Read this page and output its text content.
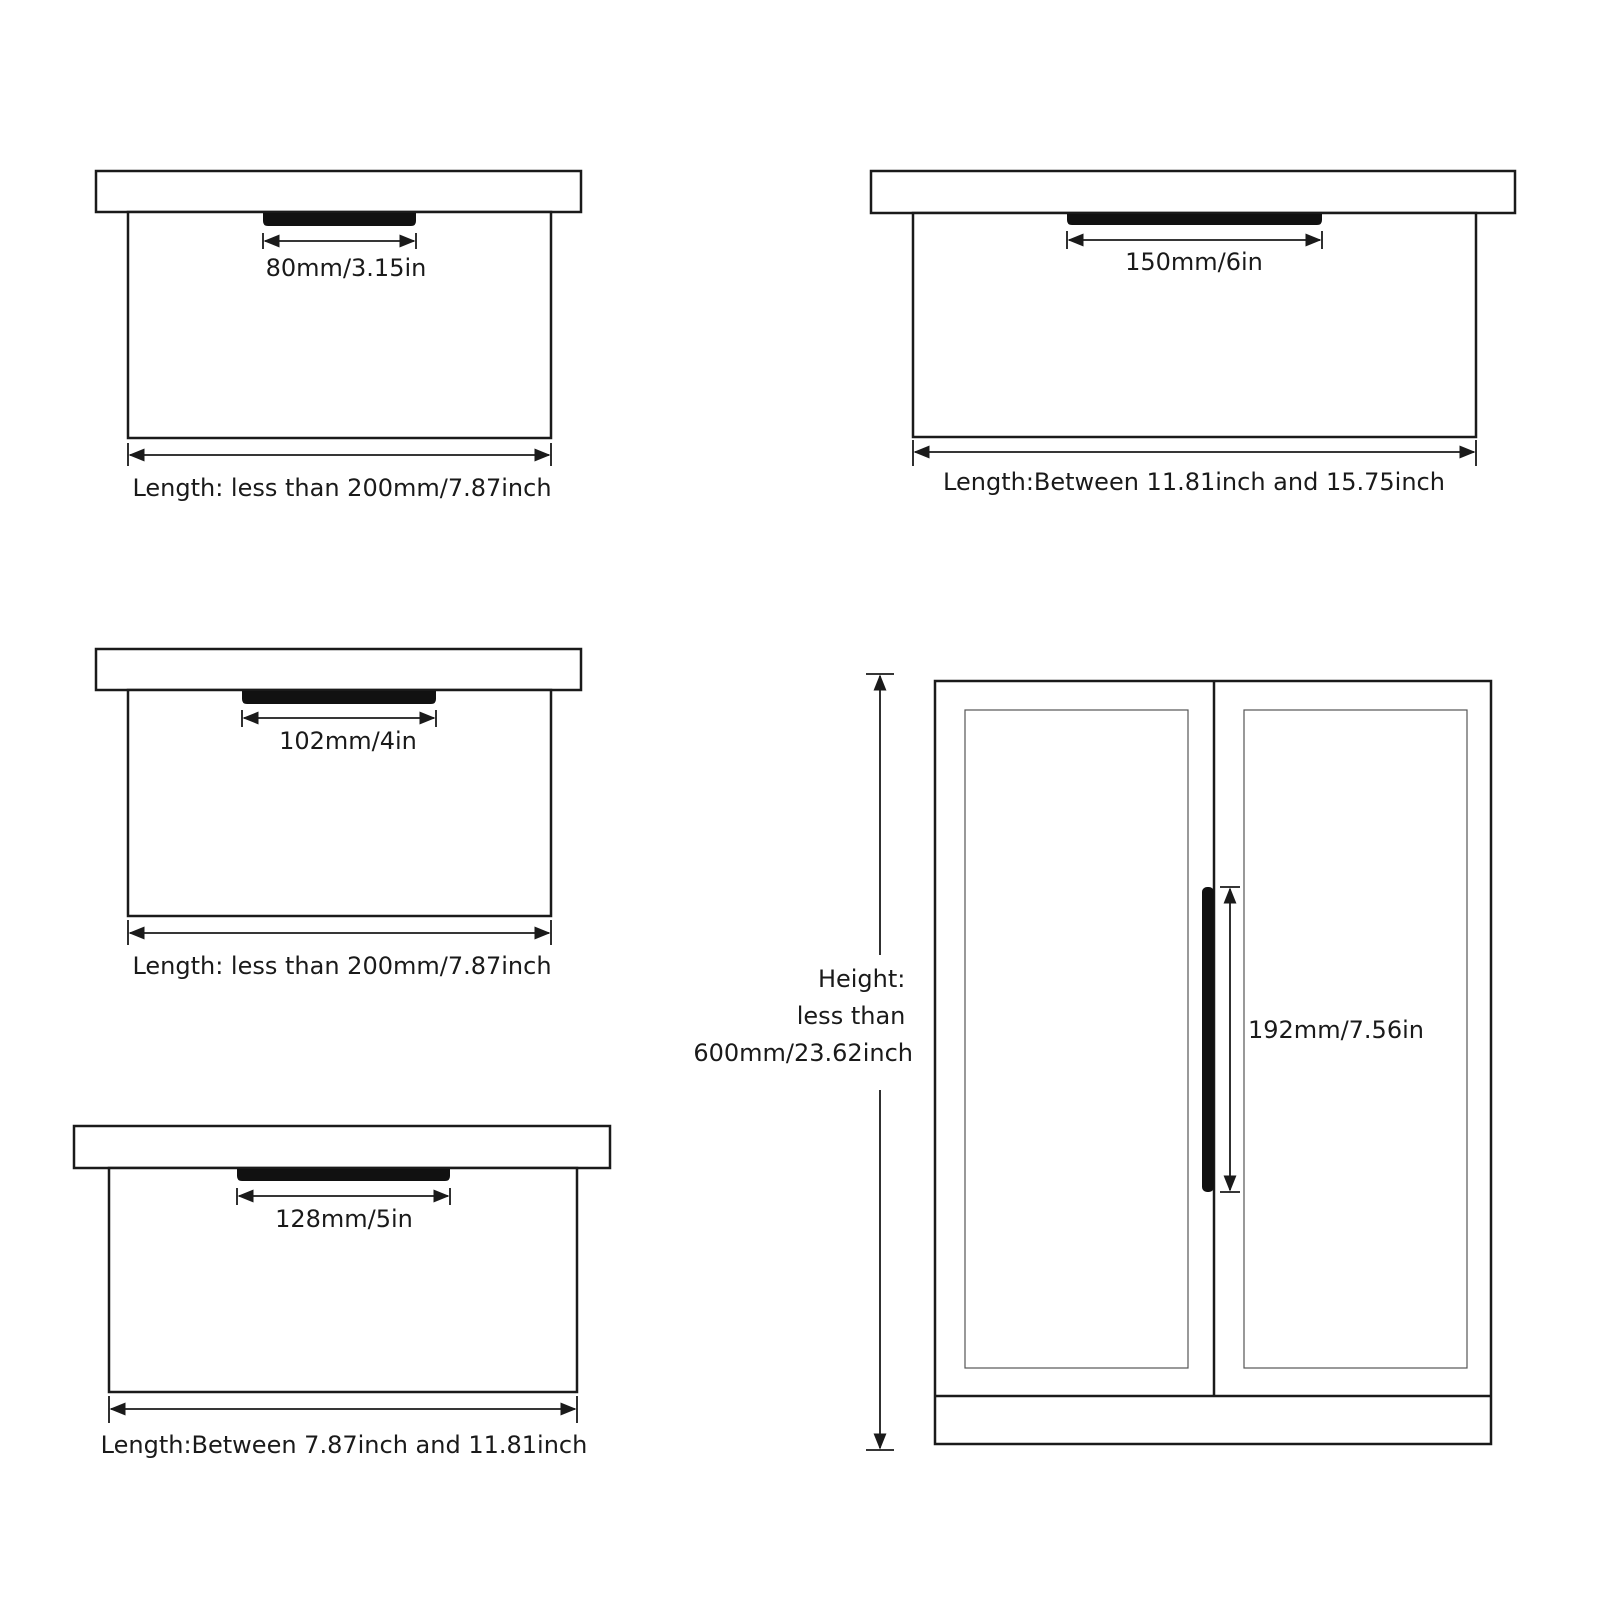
80mm/3.15in
Length: less than 200mm/7.87inch
150mm/6in
Length:Between 11.81inch and 15.75inch
102mm/4in
Length: less than 200mm/7.87inch
128mm/5in
Length:Between 7.87inch and 11.81inch
Height: less than 600mm/23.62inch
192mm/7.56in
